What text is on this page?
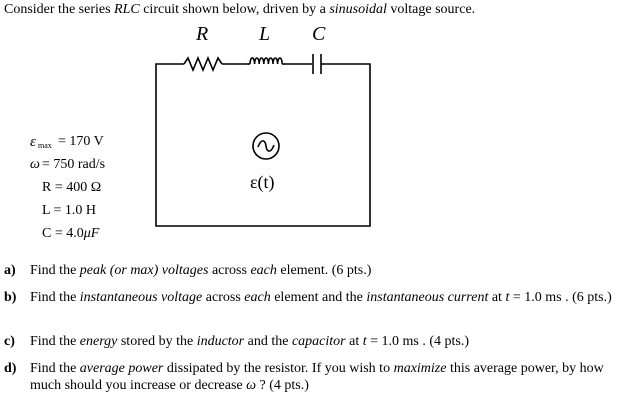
Consider the series RLC circuit shown below, driven by a sinusoidal voltage source.
R	L C
ε(t)
ε max = 170 V
ω = 750 rad/s
R = 400 Ω
L = 1.0 H
C = 4.0μF
a) Find the peak (or max) voltages across each element. (6 pts.)
b) Find the instantaneous voltage across each element and the instantaneous current at t = 1.0 ms . (6 pts.)
c) Find the energy stored by the inductor and the capacitor at t = 1.0 ms . (4 pts.)
d) Find the average power dissipated by the resistor. If you wish to maximize this average power, by how much should you increase or decrease ω ? (4 pts.)
